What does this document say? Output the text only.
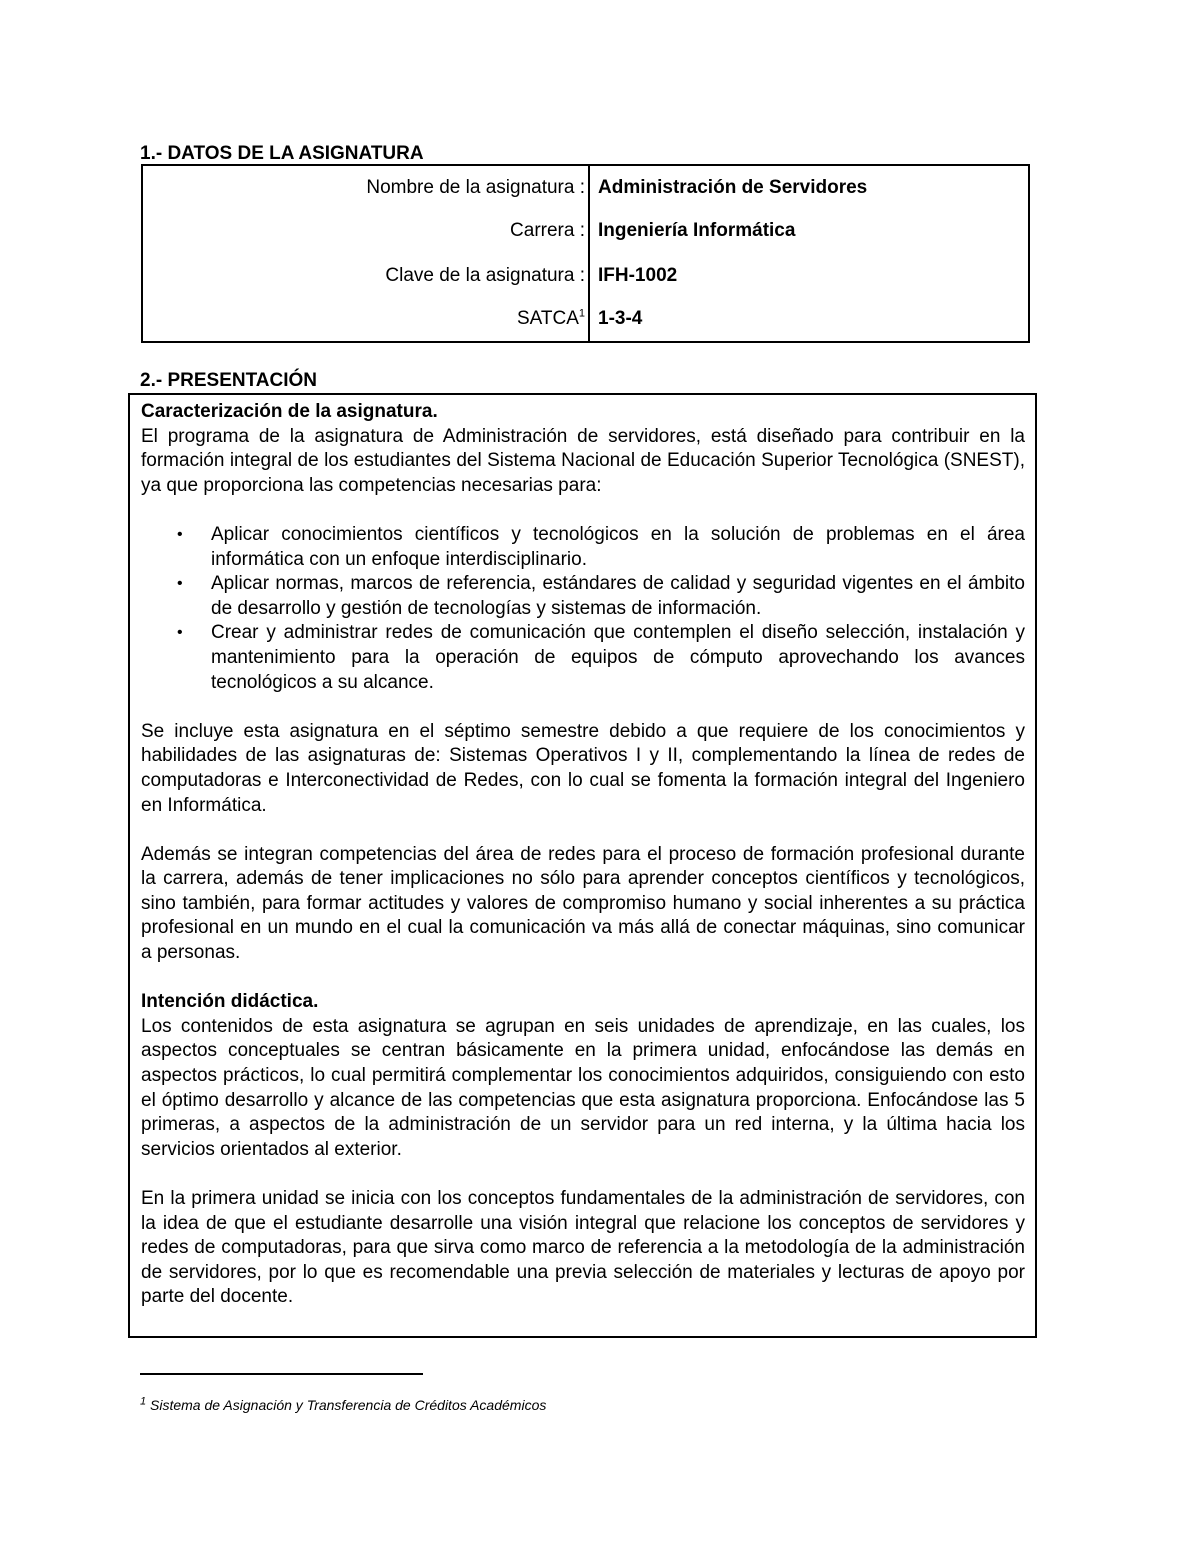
1.- DATOS DE LA ASIGNATURA
Nombre de la asignatura :	Administración de Servidores
Carrera :	Ingeniería Informática
Clave de la asignatura :	IFH-1002
SATCA$^1$	1-3-4
2.- PRESENTACIÓN
Caracterización de la asignatura.

El programa de la asignatura de Administración de servidores, está diseñado para contribuir en la formación integral de los estudiantes del Sistema Nacional de Educación Superior Tecnológica (SNEST), ya que proporciona las competencias necesarias para:

• Aplicar conocimientos científicos y tecnológicos en la solución de problemas en el área informática con un enfoque interdisciplinario.
• Aplicar normas, marcos de referencia, estándares de calidad y seguridad vigentes en el ámbito de desarrollo y gestión de tecnologías y sistemas de información.
• Crear y administrar redes de comunicación que contemplen el diseño selección, instalación y mantenimiento para la operación de equipos de cómputo aprovechando los avances tecnológicos a su alcance.

Se incluye esta asignatura en el séptimo semestre debido a que requiere de los conocimientos y habilidades de las asignaturas de: Sistemas Operativos I y II, complementando la línea de redes de computadoras e Interconectividad de Redes, con lo cual se fomenta la formación integral del Ingeniero en Informática.

Además se integran competencias del área de redes para el proceso de formación profesional durante la carrera, además de tener implicaciones no sólo para aprender conceptos científicos y tecnológicos, sino también, para formar actitudes y valores de compromiso humano y social inherentes a su práctica profesional en un mundo en el cual la comunicación va más allá de conectar máquinas, sino comunicar a personas.

Intención didáctica.

Los contenidos de esta asignatura se agrupan en seis unidades de aprendizaje, en las cuales, los aspectos conceptuales se centran básicamente en la primera unidad, enfocándose las demás en aspectos prácticos, lo cual permitirá complementar los conocimientos adquiridos, consiguiendo con esto el óptimo desarrollo y alcance de las competencias que esta asignatura proporciona. Enfocándose las 5 primeras, a aspectos de la administración de un servidor para un red interna, y la última hacia los servicios orientados al exterior.

En la primera unidad se inicia con los conceptos fundamentales de la administración de servidores, con la idea de que el estudiante desarrolle una visión integral que relacione los conceptos de servidores y redes de computadoras, para que sirva como marco de referencia a la metodología de la administración de servidores, por lo que es recomendable una previa selección de materiales y lecturas de apoyo por parte del docente.

$^1$ Sistema de Asignación y Transferencia de Créditos Académicos
